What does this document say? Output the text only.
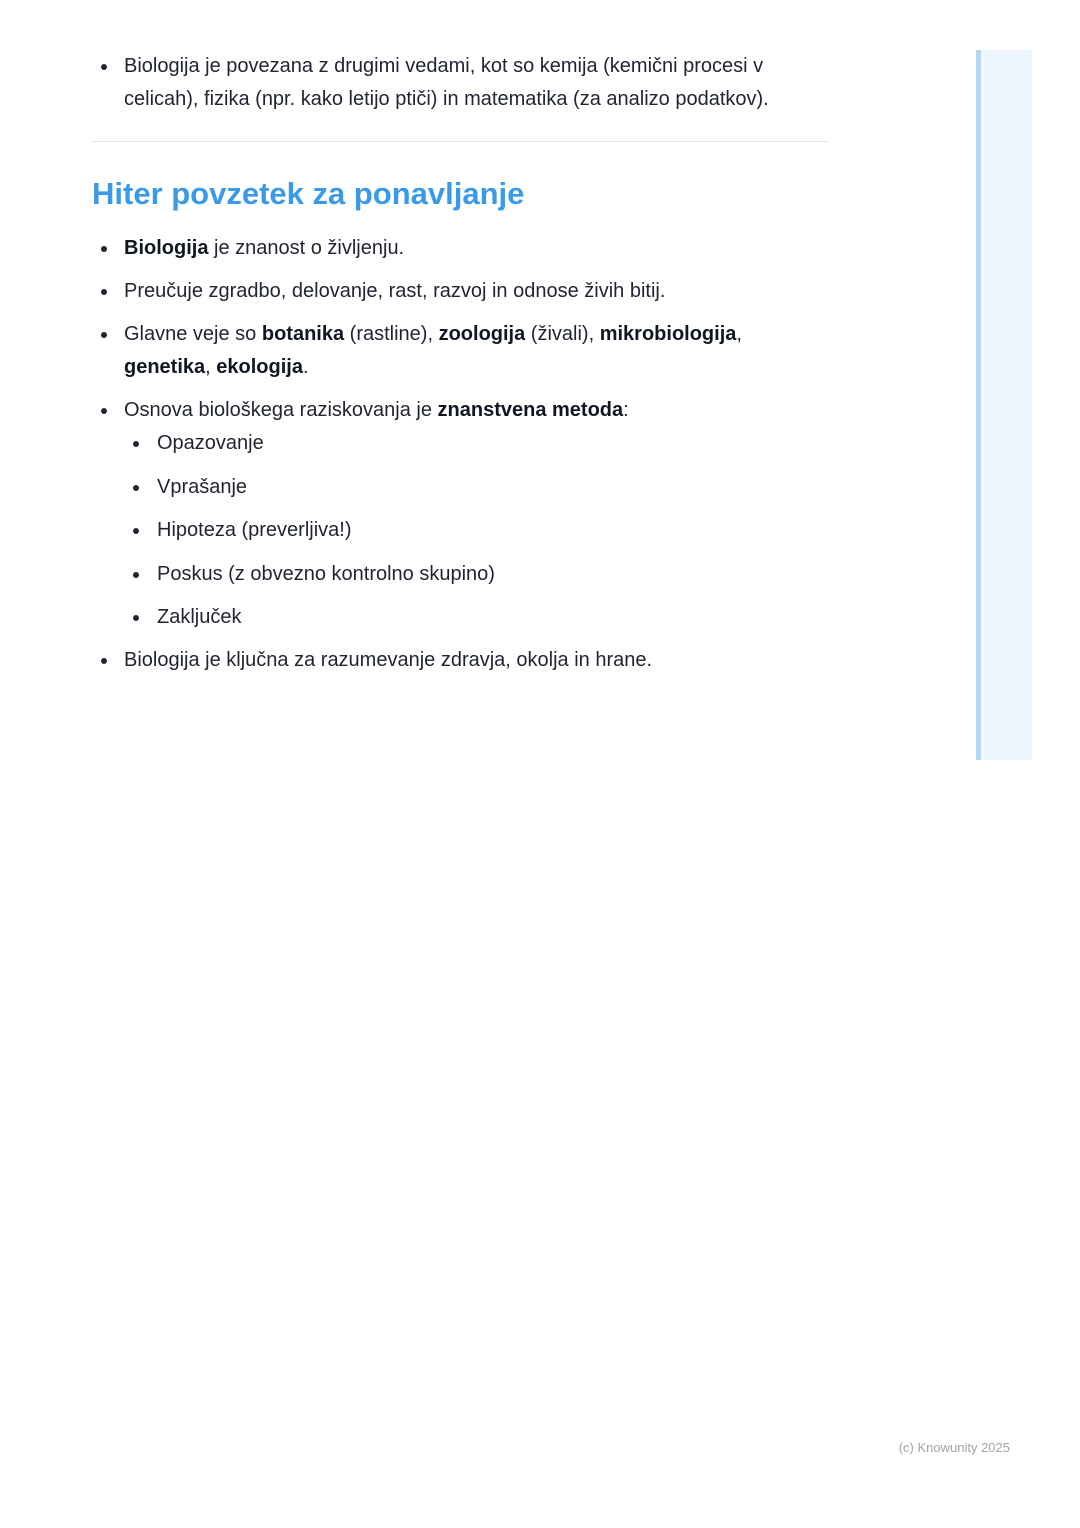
Biologija je povezana z drugimi vedami, kot so kemija (kemični procesi v celicah), fizika (npr. kako letijo ptiči) in matematika (za analizo podatkov).
Hiter povzetek za ponavljanje
Biologija je znanost o življenju.
Preučuje zgradbo, delovanje, rast, razvoj in odnose živih bitij.
Glavne veje so botanika (rastline), zoologija (živali), mikrobiologija, genetika, ekologija.
Osnova biološkega raziskovanja je znanstvena metoda:
Opazovanje
Vprašanje
Hipoteza (preverljiva!)
Poskus (z obvezno kontrolno skupino)
Zaključek
Biologija je ključna za razumevanje zdravja, okolja in hrane.
(c) Knowunity 2025
